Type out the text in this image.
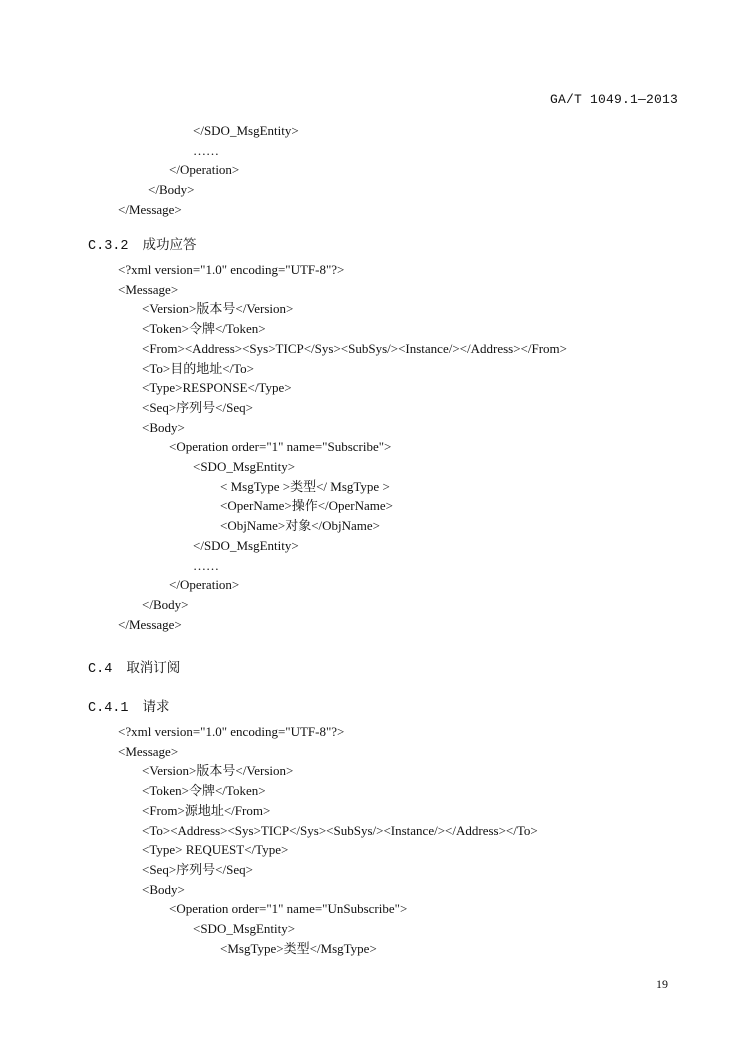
GA/T 1049.1—2013
</SDO_MsgEntity>
……
</Operation>
</Body>
</Message>
C.3.2 成功应答
<?xml version="1.0" encoding="UTF-8"?>
<Message>
<Version>版本号</Version>
<Token>令牌</Token>
<From><Address><Sys>TICP</Sys><SubSys/><Instance/></Address></From>
<To>目的地址</To>
<Type>RESPONSE</Type>
<Seq>序列号</Seq>
<Body>
<Operation order="1" name="Subscribe">
<SDO_MsgEntity>
< MsgType >类型</ MsgType >
<OperName>操作</OperName>
<ObjName>对象</ObjName>
</SDO_MsgEntity>
……
</Operation>
</Body>
</Message>
C.4 取消订阅
C.4.1 请求
<?xml version="1.0" encoding="UTF-8"?>
<Message>
<Version>版本号</Version>
<Token>令牌</Token>
<From>源地址</From>
<To><Address><Sys>TICP</Sys><SubSys/><Instance/></Address></To>
<Type> REQUEST</Type>
<Seq>序列号</Seq>
<Body>
<Operation order="1" name="UnSubscribe">
<SDO_MsgEntity>
<MsgType>类型</MsgType>
19
